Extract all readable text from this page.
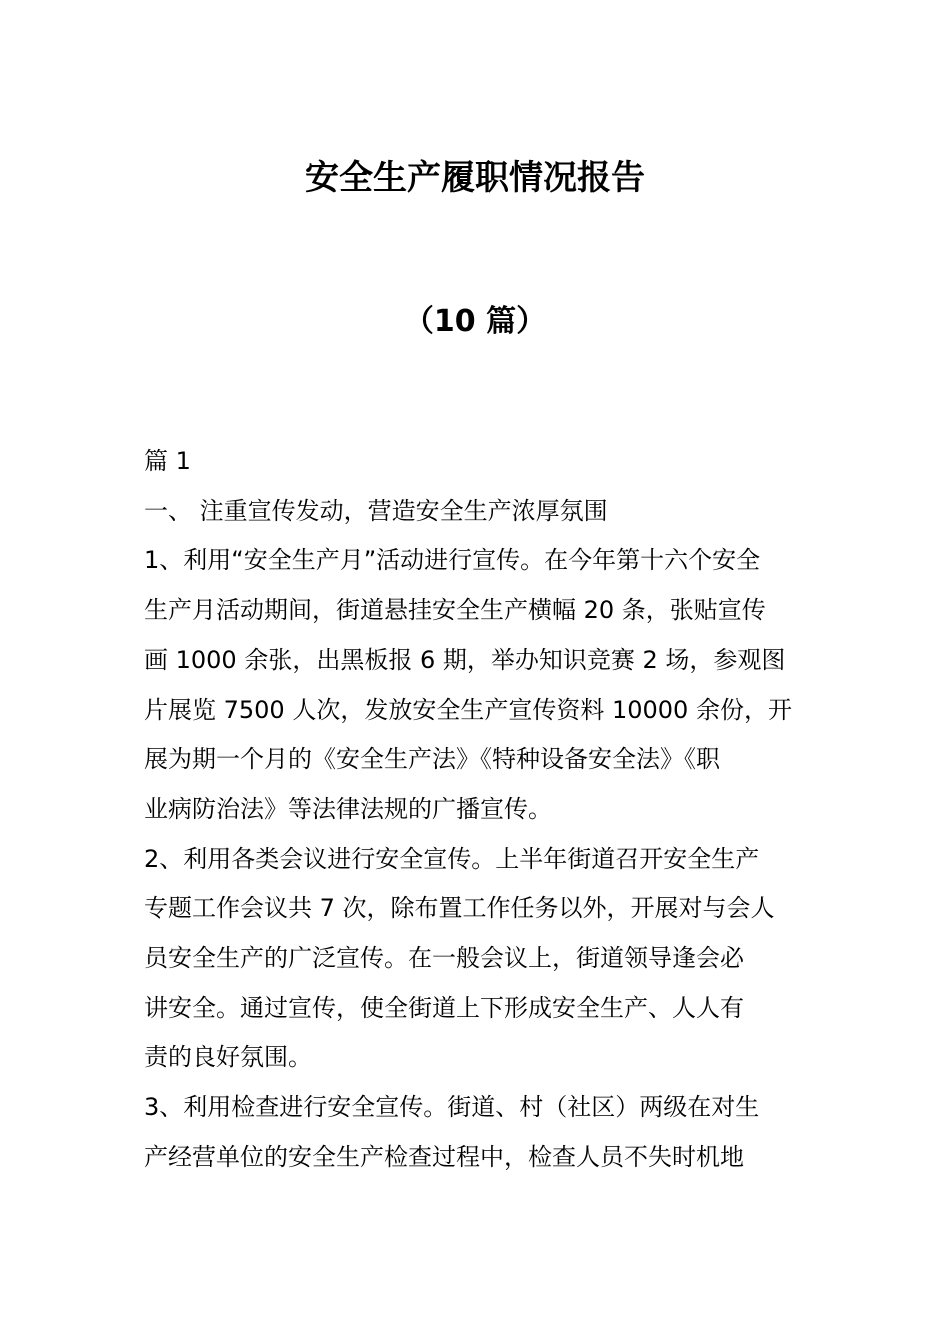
安全生产履职情况报告
（10 篇）

篇 1

一、 注重宣传发动，营造安全生产浓厚氛围

1、利用“安全生产月”活动进行宣传。在今年第十六个安全

生产月活动期间，街道悬挂安全生产横幅 20 条，张贴宣传

画 1000 余张，出黑板报 6 期，举办知识竞赛 2 场，参观图

片展览 7500 人次，发放安全生产宣传资料 10000 余份，开

展为期一个月的《安全生产法》《特种设备安全法》《职

业病防治法》等法律法规的广播宣传。

2、利用各类会议进行安全宣传。上半年街道召开安全生产

专题工作会议共 7 次，除布置工作任务以外，开展对与会人

员安全生产的广泛宣传。在一般会议上，街道领导逢会必

讲安全。通过宣传，使全街道上下形成安全生产、人人有

责的良好氛围。

3、利用检查进行安全宣传。街道、村（社区）两级在对生

产经营单位的安全生产检查过程中，检查人员不失时机地
